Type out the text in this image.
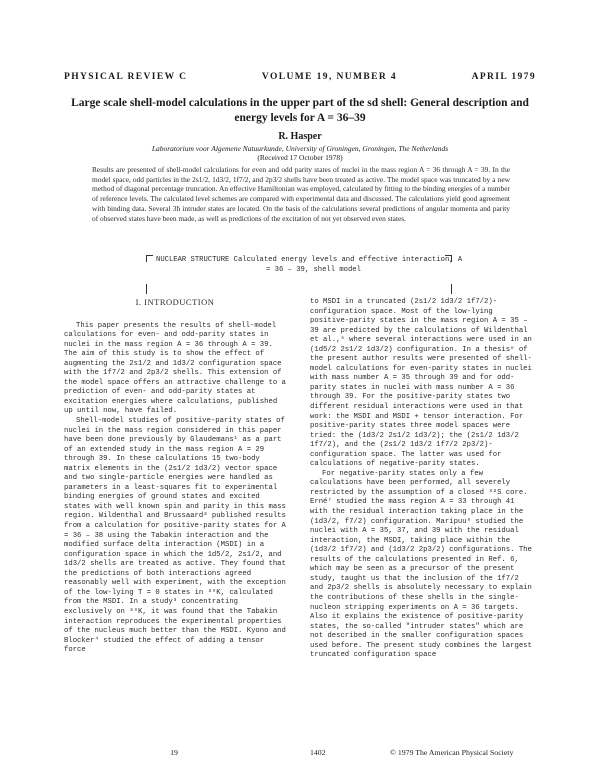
PHYSICAL REVIEW C	VOLUME 19, NUMBER 4	APRIL 1979
Large scale shell-model calculations in the upper part of the sd shell: General description and energy levels for A = 36–39
R. Hasper
Laboratorium voor Algemene Natuurkunde, University of Groningen, Groningen, The Netherlands
(Received 17 October 1978)
Results are presented of shell-model calculations for even and odd parity states of nuclei in the mass region A = 36 through A = 39. In the model space, odd particles in the 2s1/2, 1d3/2, 1f7/2, and 2p3/2 shells have been treated as active. The model space was truncated by a new method of diagonal percentage truncation. An effective Hamiltonian was employed, calculated by fitting to the binding energies of a number of reference levels. The calculated level schemes are compared with experimental data and discussed. The calculations yield good agreement with binding data. Several 3ħ intruder states are located. On the basis of the calculations several predictions of angular momenta and parity of observed states have been made, as well as predictions of the excitation of not yet observed even states.
NUCLEAR STRUCTURE Calculated energy levels and effective interaction, A
= 36 – 39, shell model
I. INTRODUCTION

This paper presents the results of shell-model calculations for even- and odd-parity states in nuclei in the mass region A = 36 through A = 39. The aim of this study is to show the effect of augmenting the 2s1/2 and 1d3/2 configuration space with the 1f7/2 and 2p3/2 shells. This extension of the model space offers an attractive challenge to a prediction of even- and odd-parity states at excitation energies where calculations, published up until now, have failed.

Shell-model studies of positive-parity states of nuclei in the mass region considered in this paper have been done previously by Glaudemans¹ as a part of an extended study in the mass region A = 29 through 39. In these calculations 15 two-body matrix elements in the (2s1/2 1d3/2) vector space and two single-particle energies were handled as parameters in a least-squares fit to experimental binding energies of ground states and excited states with well known spin and parity in this mass region. Wildenthal and Brussaard² published results from a calculation for positive-parity states for A = 36 – 38 using the Tabakin interaction and the modified surface delta interaction (MSDI) in a configuration space in which the 1d5/2, 2s1/2, and 1d3/2 shells are treated as active. They found that the predictions of both interactions agreed reasonably well with experiment, with the exception of the low-lying T = 0 states in ³⁸K, calculated from the MSDI. In a study³ concentrating exclusively on ³⁸K, it was found that the Tabakin interaction reproduces the experimental properties of the nucleus much better than the MSDI. Kyono and Blocker⁴ studied the effect of adding a tensor force

to MSDI in a truncated (2s1/2 1d3/2 1f7/2)-configuration space. Most of the low-lying positive-parity states in the mass region A = 35 – 39 are predicted by the calculations of Wildenthal et al.,⁵ where several interactions were used in an (1d5/2 2s1/2 1d3/2) configuration. In a thesis⁶ of the present author results were presented of shell-model calculations for even-parity states in nuclei with mass number A = 35 through 39 and for odd-parity states in nuclei with mass number A = 36 through 39. For the positive-parity states two different residual interactions were used in that work: the MSDI and MSDI + tensor interaction. For positive-parity states three model spaces were tried: the (1d3/2 2s1/2 1d3/2); the (2s1/2 1d3/2 1f7/2), and the (2s1/2 1d3/2 1f7/2 2p3/2)-configuration space. The latter was used for calculations of negative-parity states.

For negative-parity states only a few calculations have been performed, all severely restricted by the assumption of a closed ³²S core. Erné⁷ studied the mass region A = 33 through 41 with the residual interaction taking place in the (1d3/2, f7/2) configuration. Maripuu⁸ studied the nuclei with A = 35, 37, and 39 with the residual interaction, the MSDI, taking place within the (1d3/2 1f7/2) and (1d3/2 2p3/2) configurations. The results of the calculations presented in Ref. 6, which may be seen as a precursor of the present study, taught us that the inclusion of the 1f7/2 and 2p3/2 shells is absolutely necessary to explain the contributions of these shells in the single-nucleon stripping experiments on A = 36 targets. Also it explains the existence of positive-parity states, the so-called "intruder states" which are not described in the smaller configuration spaces used before. The present study combines the largest truncated configuration space

19	1402	© 1979 The American Physical Society
